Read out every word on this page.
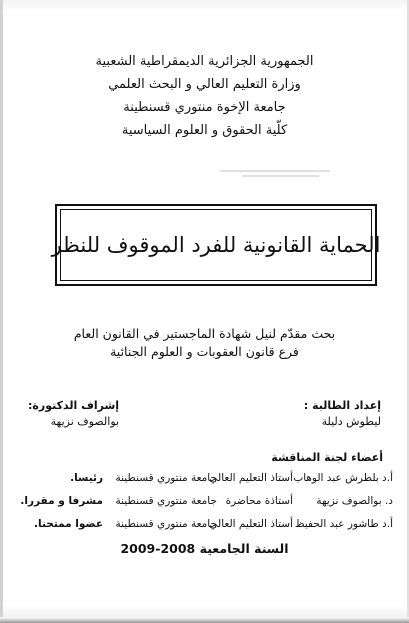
الجمهورية الجزائرية الديمقراطية الشعبية

وزارة التعليم العالي و البحث العلمي

جامعة الإخوة منتوري قسنطينة

كلّية الحقوق و العلوم السياسية

الحماية القانونية للفرد الموقوف للنظر

بحث مقدّم لنيل شهادة الماجستير في القانون العام

فرع قانون العقوبات و العلوم الجنائية

إعداد الطالبة :

ليطوش دليلة

إشراف الدكتورة:

بوالصوف نزيهة

أعضاء لجنة المناقشة

أ.د بلطرش عبد الوهاب
أستاذ التعليم العالي
جامعة منتوري قسنطينة
رئيسا.
د. بوالصوف نزيهة
أستاذة محاضرة
جامعة منتوري قسنطينة
مشرفا و مقررا.
أ.د طاشور عبد الحفيظ
أستاذ التعليم العالي
جامعة منتوري قسنطينة
عضوا ممتحنا.

السنة الجامعية 2008-2009
